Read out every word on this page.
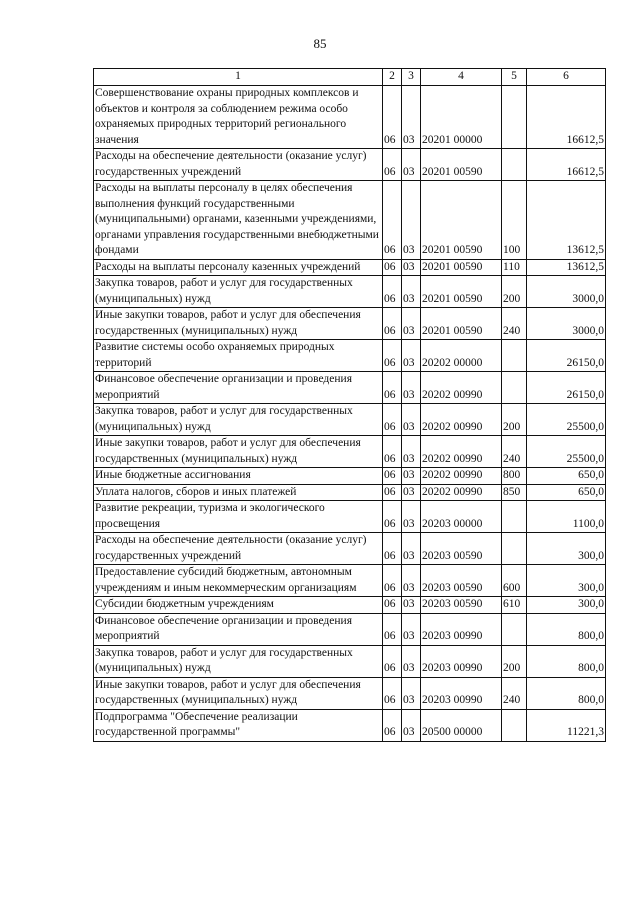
85
1	2	3	4	5	6
Совершенствование охраны природных комплексов и объектов и контроля за соблюдением режима особо охраняемых природных территорий регионального значения	06	03	20201 00000		16612,5
Расходы на обеспечение деятельности (оказание услуг) государственных учреждений	06	03	20201 00590		16612,5
Расходы на выплаты персоналу в целях обеспечения выполнения функций государственными (муниципальными) органами, казенными учреждениями, органами управления государственными внебюджетными фондами	06	03	20201 00590	100	13612,5
Расходы на выплаты персоналу казенных учреждений	06	03	20201 00590	110	13612,5
Закупка товаров, работ и услуг для государственных (муниципальных) нужд	06	03	20201 00590	200	3000,0
Иные закупки товаров, работ и услуг для обеспечения государственных (муниципальных) нужд	06	03	20201 00590	240	3000,0
Развитие системы особо охраняемых природных территорий	06	03	20202 00000		26150,0
Финансовое обеспечение организации и проведения мероприятий	06	03	20202 00990		26150,0
Закупка товаров, работ и услуг для государственных (муниципальных) нужд	06	03	20202 00990	200	25500,0
Иные закупки товаров, работ и услуг для обеспечения государственных (муниципальных) нужд	06	03	20202 00990	240	25500,0
Иные бюджетные ассигнования	06	03	20202 00990	800	650,0
Уплата налогов, сборов и иных платежей	06	03	20202 00990	850	650,0
Развитие рекреации, туризма и экологического просвещения	06	03	20203 00000		1100,0
Расходы на обеспечение деятельности (оказание услуг) государственных учреждений	06	03	20203 00590		300,0
Предоставление субсидий бюджетным, автономным учреждениям и иным некоммерческим организациям	06	03	20203 00590	600	300,0
Субсидии бюджетным учреждениям	06	03	20203 00590	610	300,0
Финансовое обеспечение организации и проведения мероприятий	06	03	20203 00990		800,0
Закупка товаров, работ и услуг для государственных (муниципальных) нужд	06	03	20203 00990	200	800,0
Иные закупки товаров, работ и услуг для обеспечения государственных (муниципальных) нужд	06	03	20203 00990	240	800,0
Подпрограмма "Обеспечение реализации государственной программы"	06	03	20500 00000		11221,3
